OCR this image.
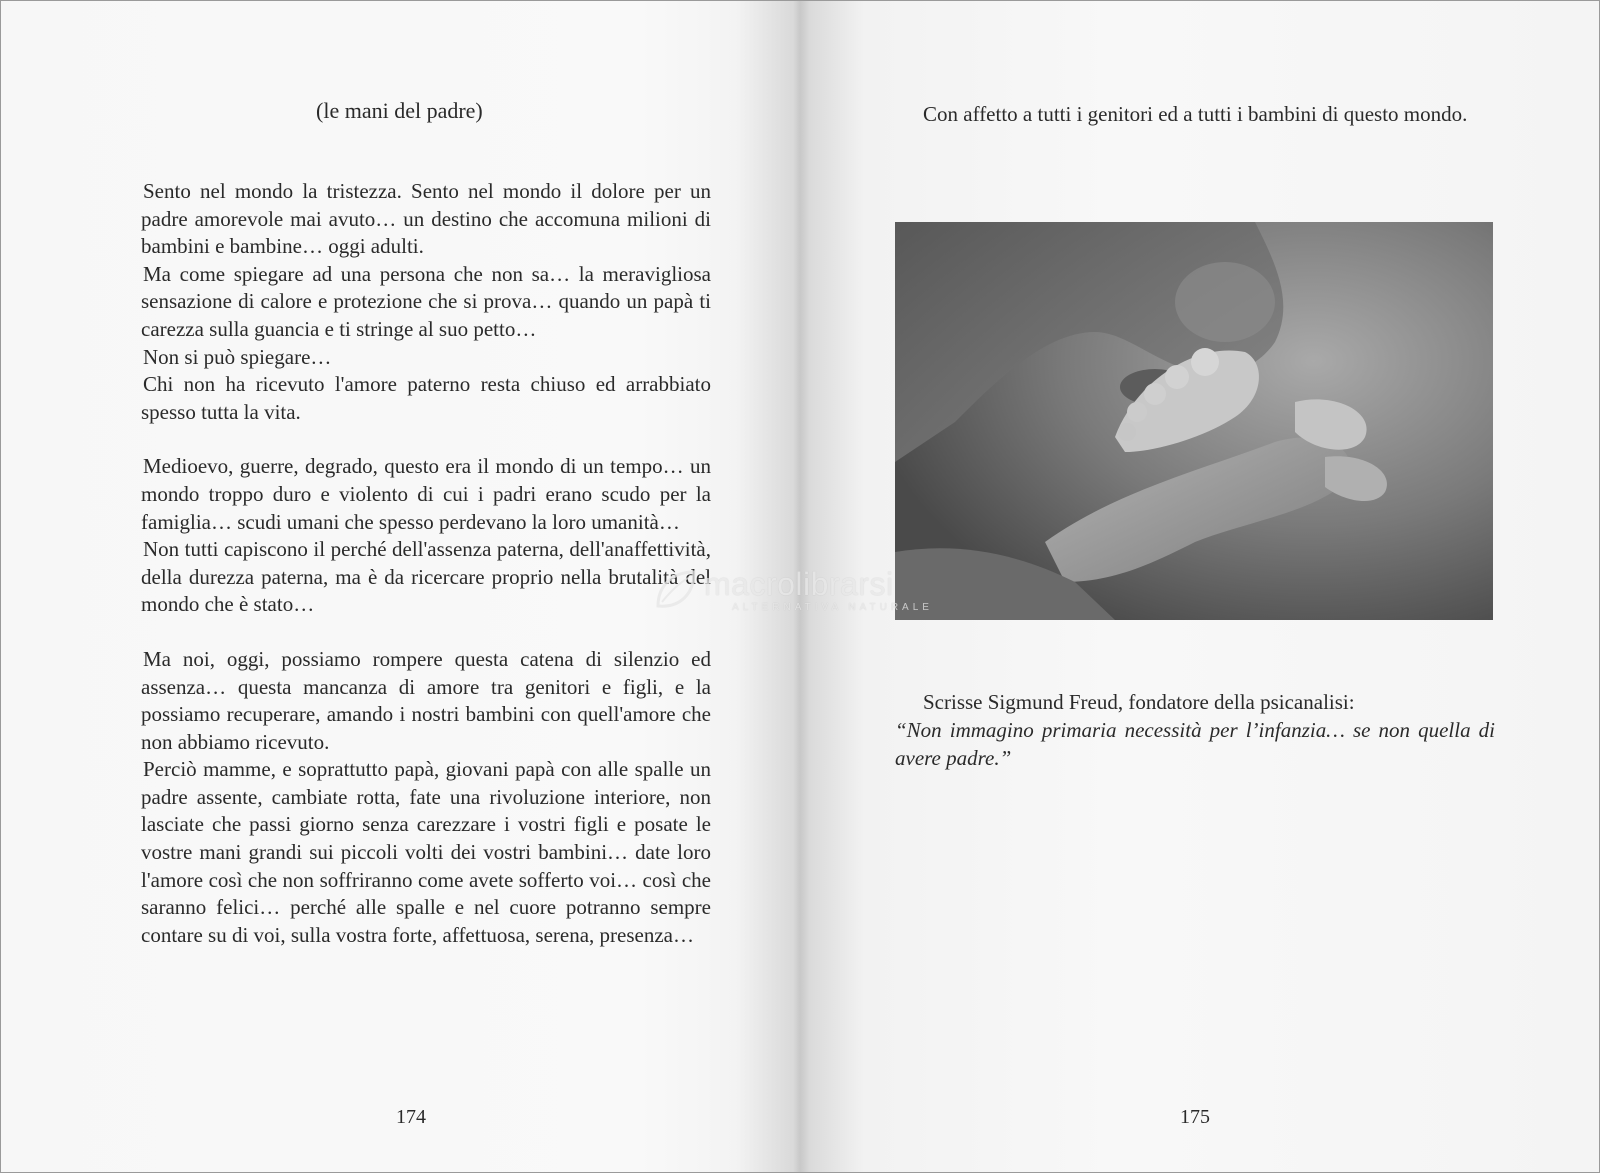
(le mani del padre)

Sento nel mondo la tristezza. Sento nel mondo il dolore per un padre amorevole mai avuto… un destino che accomuna milioni di bambini e bambine… oggi adulti.

Ma come spiegare ad una persona che non sa… la meravigliosa sensazione di calore e protezione che si prova… quando un papà ti carezza sulla guancia e ti stringe al suo petto…

Non si può spiegare…

Chi non ha ricevuto l'amore paterno resta chiuso ed arrabbiato spesso tutta la vita.

Medioevo, guerre, degrado, questo era il mondo di un tempo… un mondo troppo duro e violento di cui i padri erano scudo per la famiglia… scudi umani che spesso perdevano la loro umanità…

Non tutti capiscono il perché dell'assenza paterna, dell'anaffettività, della durezza paterna, ma è da ricercare proprio nella brutalità del mondo che è stato…

Ma noi, oggi, possiamo rompere questa catena di silenzio ed assenza… questa mancanza di amore tra genitori e figli, e la possiamo recuperare, amando i nostri bambini con quell'amore che non abbiamo ricevuto.

Perciò mamme, e soprattutto papà, giovani papà con alle spalle un padre assente, cambiate rotta, fate una rivoluzione interiore, non lasciate che passi giorno senza carezzare i vostri figli e posate le vostre mani grandi sui piccoli volti dei vostri bambini… date loro l'amore così che non soffriranno come avete sofferto voi… così che saranno felici… perché alle spalle e nel cuore potranno sempre contare su di voi, sulla vostra forte, affettuosa, serena, presenza…

174
Con affetto a tutti i genitori ed a tutti i bambini di questo mondo.
Scrisse Sigmund Freud, fondatore della psicanalisi:
“Non immagino primaria necessità per l’infanzia… se non quella di avere padre.”
175
macrolibrarsi
ALTERNATIVA NATURALE
